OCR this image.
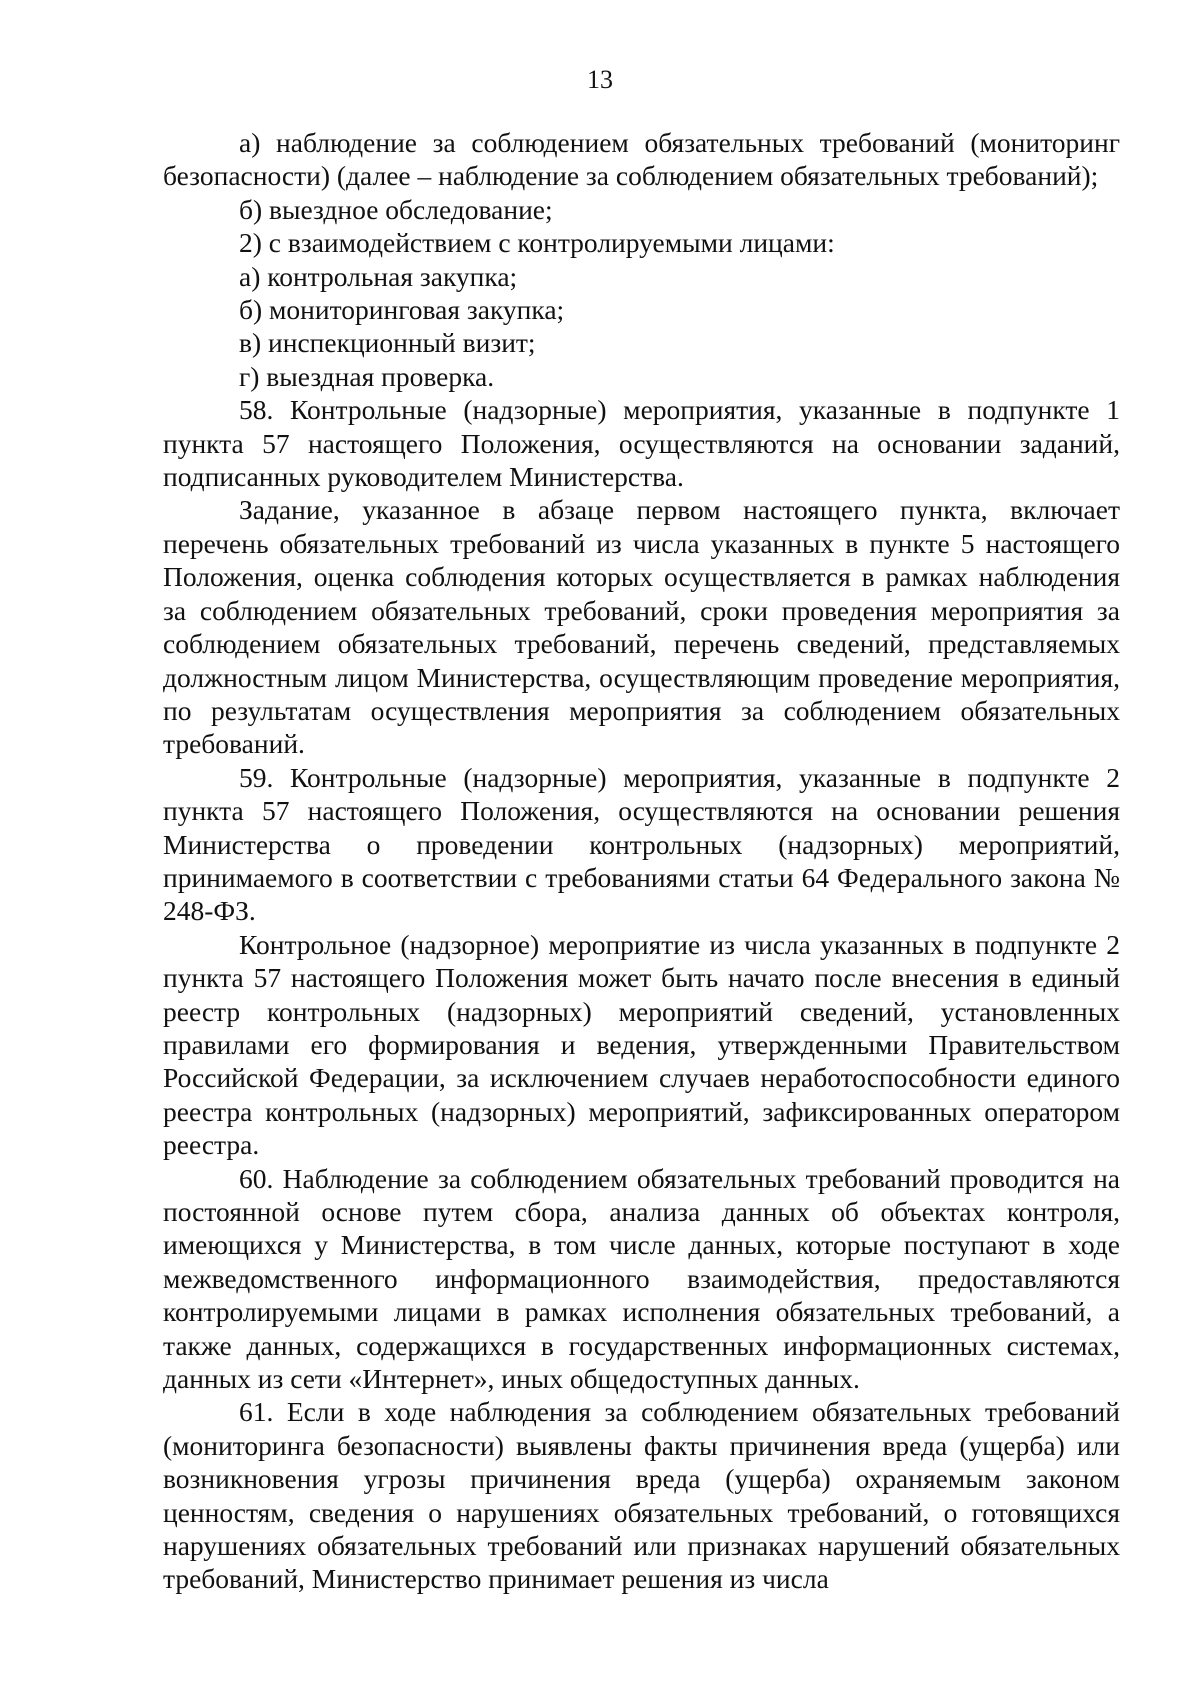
13

а) наблюдение за соблюдением обязательных требований (мониторинг безопасности) (далее – наблюдение за соблюдением обязательных требований);

б) выездное обследование;

2) с взаимодействием с контролируемыми лицами:

а) контрольная закупка;

б) мониторинговая закупка;

в) инспекционный визит;

г) выездная проверка.

58. Контрольные (надзорные) мероприятия, указанные в подпункте 1 пункта 57 настоящего Положения, осуществляются на основании заданий, подписанных руководителем Министерства.

Задание, указанное в абзаце первом настоящего пункта, включает перечень обязательных требований из числа указанных в пункте 5 настоящего Положения, оценка соблюдения которых осуществляется в рамках наблюдения за соблюдением обязательных требований, сроки проведения мероприятия за соблюдением обязательных требований, перечень сведений, представляемых должностным лицом Министерства, осуществляющим проведение мероприятия, по результатам осуществления мероприятия за соблюдением обязательных требований.

59. Контрольные (надзорные) мероприятия, указанные в подпункте 2 пункта 57 настоящего Положения, осуществляются на основании решения Министерства о проведении контрольных (надзорных) мероприятий, принимаемого в соответствии с требованиями статьи 64 Федерального закона № 248-ФЗ.

Контрольное (надзорное) мероприятие из числа указанных в подпункте 2 пункта 57 настоящего Положения может быть начато после внесения в единый реестр контрольных (надзорных) мероприятий сведений, установленных правилами его формирования и ведения, утвержденными Правительством Российской Федерации, за исключением случаев неработоспособности единого реестра контрольных (надзорных) мероприятий, зафиксированных оператором реестра.

60. Наблюдение за соблюдением обязательных требований проводится на постоянной основе путем сбора, анализа данных об объектах контроля, имеющихся у Министерства, в том числе данных, которые поступают в ходе межведомственного информационного взаимодействия, предоставляются контролируемыми лицами в рамках исполнения обязательных требований, а также данных, содержащихся в государственных информационных системах, данных из сети «Интернет», иных общедоступных данных.

61. Если в ходе наблюдения за соблюдением обязательных требований (мониторинга безопасности) выявлены факты причинения вреда (ущерба) или возникновения угрозы причинения вреда (ущерба) охраняемым законом ценностям, сведения о нарушениях обязательных требований, о готовящихся нарушениях обязательных требований или признаках нарушений обязательных требований, Министерство принимает решения из числа
